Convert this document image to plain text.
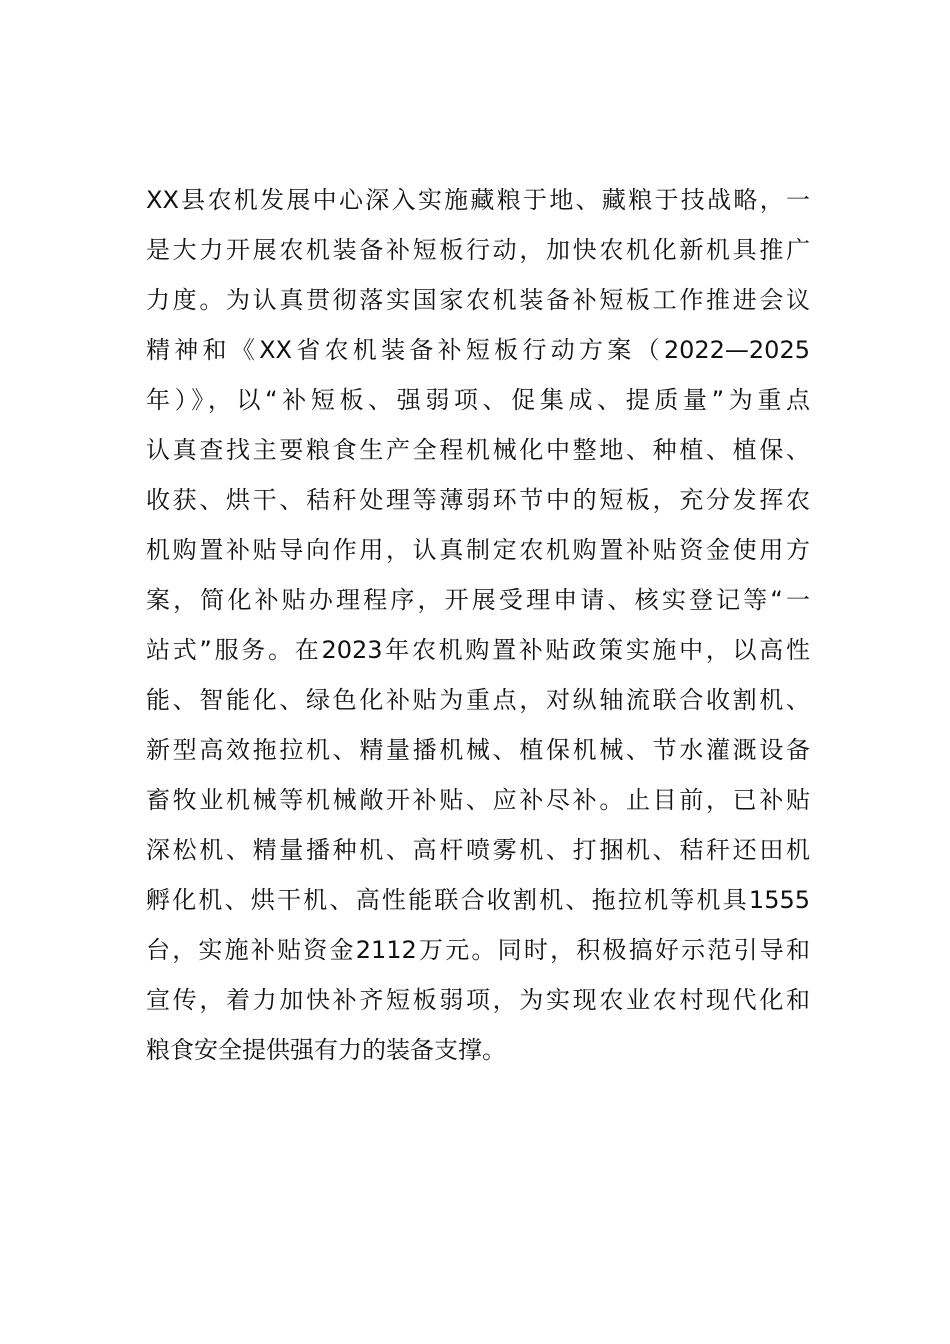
XX县农机发展中心深入实施藏粮于地、藏粮于技战略，一
是大力开展农机装备补短板行动，加快农机化新机具推广
力度。为认真贯彻落实国家农机装备补短板工作推进会议
精神和《XX省农机装备补短板行动方案（2022—2025
年）》，以“补短板、强弱项、促集成、提质量”为重点
认真查找主要粮食生产全程机械化中整地、种植、植保、
收获、烘干、秸秆处理等薄弱环节中的短板，充分发挥农
机购置补贴导向作用，认真制定农机购置补贴资金使用方
案，简化补贴办理程序，开展受理申请、核实登记等“一
站式”服务。在2023年农机购置补贴政策实施中，以高性
能、智能化、绿色化补贴为重点，对纵轴流联合收割机、
新型高效拖拉机、精量播机械、植保机械、节水灌溉设备
畜牧业机械等机械敞开补贴、应补尽补。止目前，已补贴
深松机、精量播种机、高杆喷雾机、打捆机、秸秆还田机
孵化机、烘干机、高性能联合收割机、拖拉机等机具1555
台，实施补贴资金2112万元。同时，积极搞好示范引导和
宣传，着力加快补齐短板弱项，为实现农业农村现代化和
粮食安全提供强有力的装备支撑。
